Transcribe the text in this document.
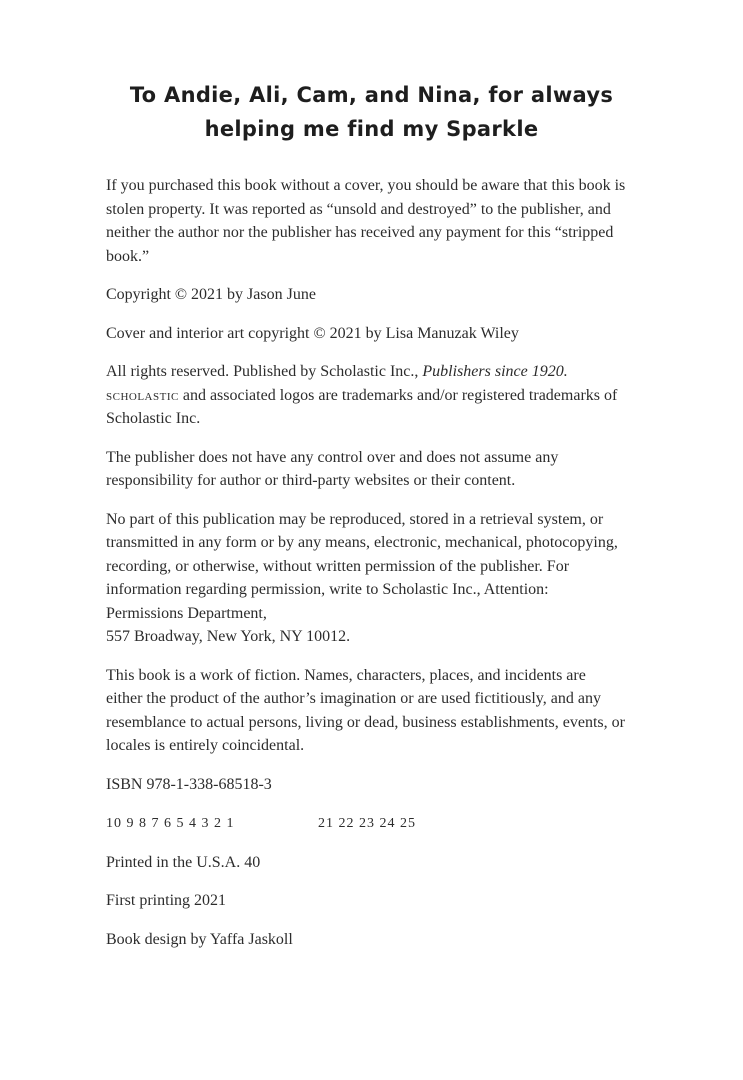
To Andie, Ali, Cam, and Nina, for always
helping me find my Sparkle

If you purchased this book without a cover, you should be aware that this book is stolen property. It was reported as “unsold and destroyed” to the publisher, and neither the author nor the publisher has received any payment for this “stripped book.”

Copyright © 2021 by Jason June

Cover and interior art copyright © 2021 by Lisa Manuzak Wiley

All rights reserved. Published by Scholastic Inc., Publishers since 1920.
scholastic and associated logos are trademarks and/or registered trademarks of Scholastic Inc.

The publisher does not have any control over and does not assume any responsibility for author or third-party websites or their content.

No part of this publication may be reproduced, stored in a retrieval system, or transmitted in any form or by any means, electronic, mechanical, photocopying, recording, or otherwise, without written permission of the publisher. For information regarding permission, write to Scholastic Inc., Attention: Permissions Department,
557 Broadway, New York, NY 10012.

This book is a work of fiction. Names, characters, places, and incidents are either the product of the author’s imagination or are used fictitiously, and any resemblance to actual persons, living or dead, business establishments, events, or locales is entirely coincidental.

ISBN 978-1-338-68518-3

10 9 8 7 6 5 4 3 2 1	21 22 23 24 25

Printed in the U.S.A. 40

First printing 2021

Book design by Yaffa Jaskoll
